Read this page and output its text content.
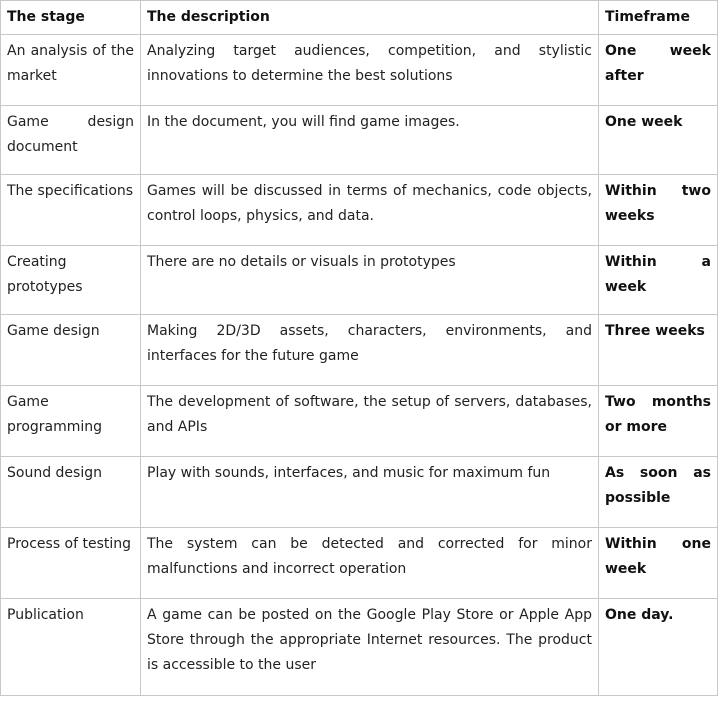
The stage	The description	Timeframe
An analysis of the market	Analyzing target audiences, competition, and stylistic innovations to determine the best solutions	One week after
Game design document	In the document, you will find game images.	One week
The specifications	Games will be discussed in terms of mechanics, code objects, control loops, physics, and data.	Within two weeks
Creating prototypes	There are no details or visuals in prototypes	Within a week
Game design	Making 2D/3D assets, characters, environments, and interfaces for the future game	Three weeks
Game programming	The development of software, the setup of servers, databases, and APIs	Two months or more
Sound design	Play with sounds, interfaces, and music for maximum fun	As soon as possible
Process of testing	The system can be detected and corrected for minor malfunctions and incorrect operation	Within one week
Publication	A game can be posted on the Google Play Store or Apple App Store through the appropriate Internet resources. The product is accessible to the user	One day.
